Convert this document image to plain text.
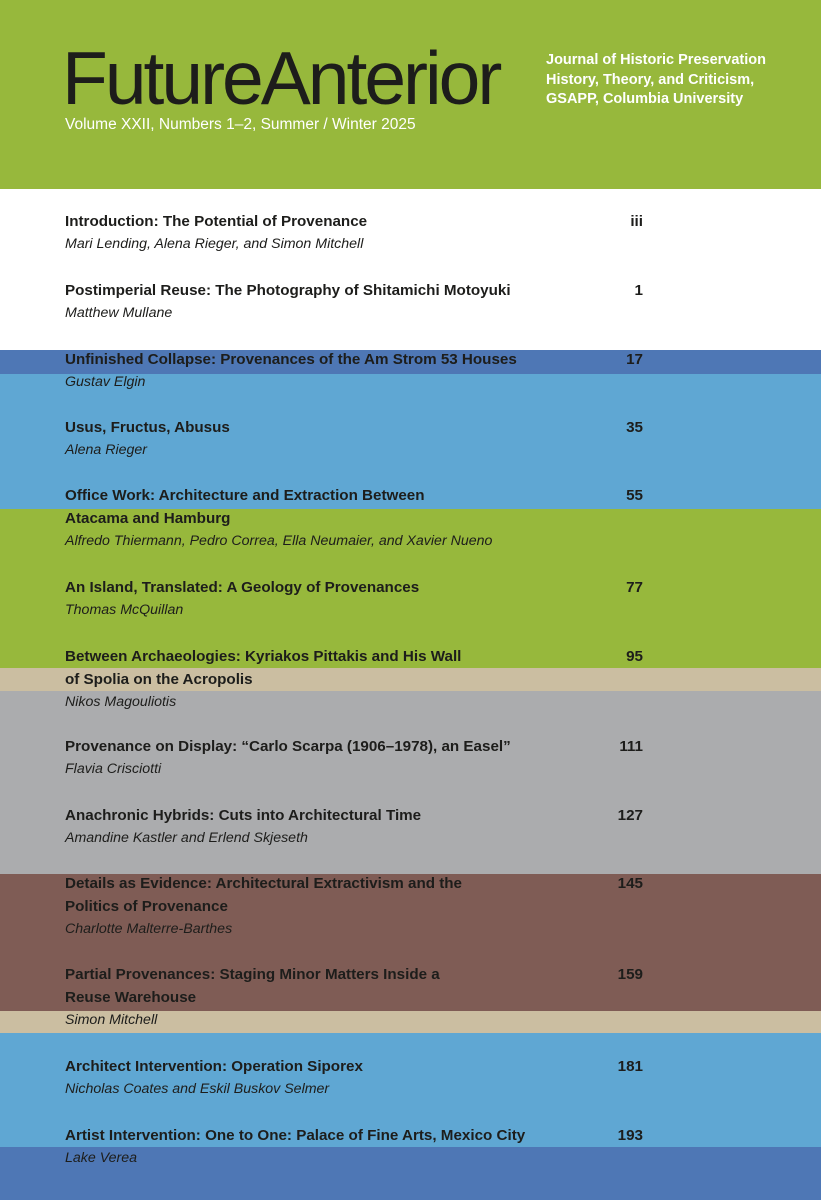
FutureAnterior
Volume XXII, Numbers 1–2, Summer / Winter 2025
Journal of Historic Preservation
History, Theory, and Criticism,
GSAPP, Columbia University
Introduction: The Potential of Provenance
Mari Lending, Alena Rieger, and Simon Mitchell
iii
Postimperial Reuse: The Photography of Shitamichi Motoyuki
Matthew Mullane
1
Unfinished Collapse: Provenances of the Am Strom 53 Houses
Gustav Elgin
17
Usus, Fructus, Abusus
Alena Rieger
35
Office Work: Architecture and Extraction Between
Atacama and Hamburg
Alfredo Thiermann, Pedro Correa, Ella Neumaier, and Xavier Nueno
55
An Island, Translated: A Geology of Provenances
Thomas McQuillan
77
Between Archaeologies: Kyriakos Pittakis and His Wall
of Spolia on the Acropolis
Nikos Magouliotis
95
Provenance on Display: “Carlo Scarpa (1906–1978), an Easel”
Flavia Crisciotti
111
Anachronic Hybrids: Cuts into Architectural Time
Amandine Kastler and Erlend Skjeseth
127
Details as Evidence: Architectural Extractivism and the
Politics of Provenance
Charlotte Malterre-Barthes
145
Partial Provenances: Staging Minor Matters Inside a
Reuse Warehouse
Simon Mitchell
159
Architect Intervention: Operation Siporex
Nicholas Coates and Eskil Buskov Selmer
181
Artist Intervention: One to One: Palace of Fine Arts, Mexico City
Lake Verea
193
